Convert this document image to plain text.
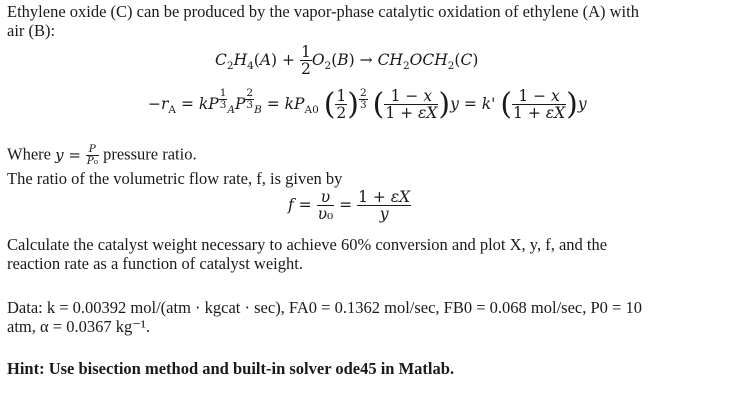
Ethylene oxide (C) can be produced by the vapor-phase catalytic oxidation of ethylene (A) with
air (B):
$C_2H_4(A) + \frac{1}{2} O_2(B) \to CH_2OCH_2(C)$
$-r_A$ = kP $^{\frac{1}{3}}$ $_A$P $^{\frac{2}{3}}$ $_B = kP_{A0}$ ( $\frac{1}{2}$ ) $^{\frac{2}{3}}$ ( $\frac{1 - x}{1 + \varepsilon X} )y = k'$ ( $\frac{1 - x}{1 + \varepsilon X} )y$
Where $y = \frac{P}{\text{P₀}}$ pressure ratio.
The ratio of the volumetric flow rate, f, is given by
$f = \frac{\upsilon}{\text{υ₀}} = \frac{1 + \varepsilon X}{y}$
Calculate the catalyst weight necessary to achieve 60% conversion and plot X, y, f, and the
reaction rate as a function of catalyst weight.
Data: k = 0.00392 mol/(atm · kgcat · sec), FA0 = 0.1362 mol/sec, FB0 = 0.068 mol/sec, P0 = 10
atm, α = 0.0367 kg⁻¹.
Hint: Use bisection method and built-in solver ode45 in Matlab.
